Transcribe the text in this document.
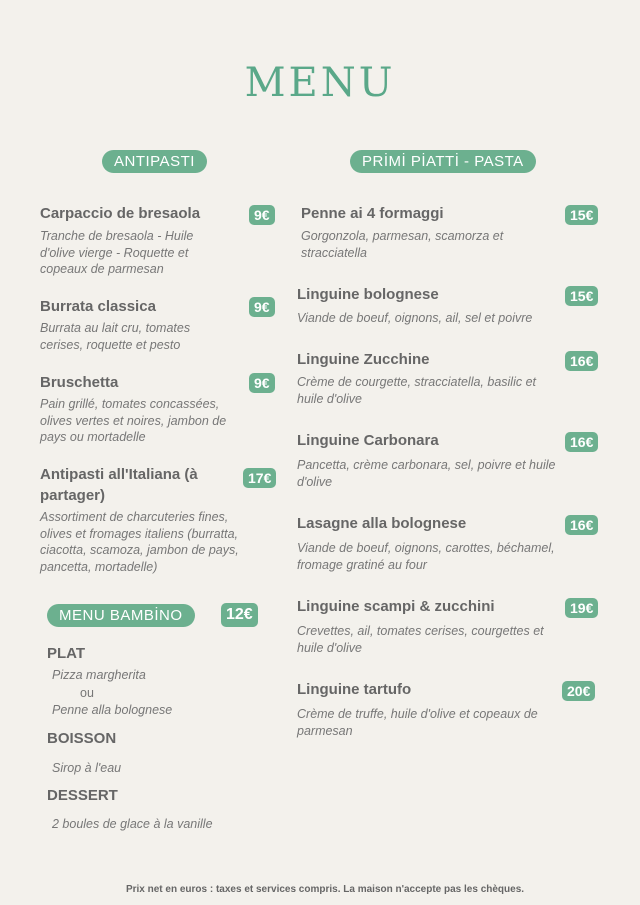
MENU
ANTIPASTI
Carpaccio de bresaola	9€
Tranche de bresaola - Huile d'olive vierge - Roquette et copeaux de parmesan
Burrata classica	9€
Burrata au lait cru, tomates cerises, roquette et pesto
Bruschetta	9€
Pain grillé, tomates concassées, olives vertes et noires, jambon de pays ou mortadelle
Antipasti all'Italiana (à partager)
17€
Assortiment de charcuteries fines, olives et fromages italiens (burratta, ciacotta, scamoza, jambon de pays, pancetta, mortadelle)
MENU BAMBİNO	12€
PLAT
Pizza margherita
ou
Penne alla bolognese
BOISSON
Sirop à l'eau
DESSERT
2 boules de glace à la vanille
PRİMİ PİATTİ - PASTA
Penne ai 4 formaggi	15€
Gorgonzola, parmesan, scamorza et stracciatella
Linguine bolognese	15€
Viande de boeuf, oignons, ail, sel et poivre
Linguine Zucchine	16€
Crème de courgette, stracciatella, basilic et huile d'olive
Linguine Carbonara	16€
Pancetta, crème carbonara, sel, poivre et huile d'olive
Lasagne alla bolognese	16€
Viande de boeuf, oignons, carottes, béchamel, fromage gratiné au four
Linguine scampi & zucchini	19€
Crevettes, ail, tomates cerises, courgettes et huile d'olive
Linguine tartufo	20€
Crème de truffe, huile d'olive et copeaux de parmesan
Prix net en euros : taxes et services compris. La maison n'accepte pas les chèques.
